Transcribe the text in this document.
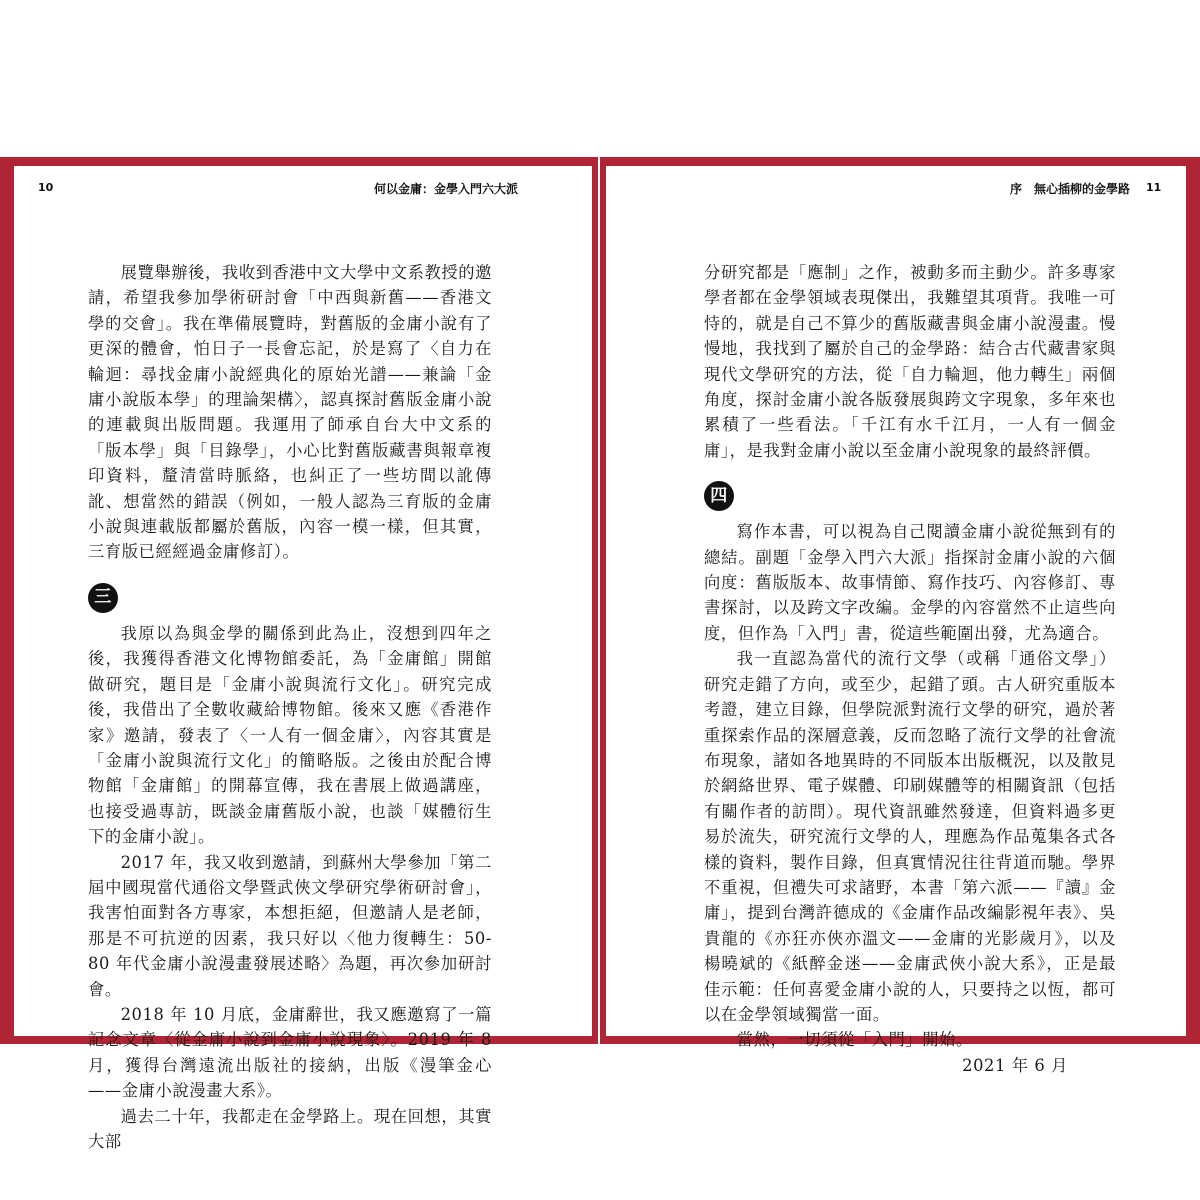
10	何以金庸：金學入門六大派

展覽舉辦後，我收到香港中文大學中文系教授的邀請，希望我參加學術研討會「中西與新舊——香港文學的交會」。我在準備展覽時，對舊版的金庸小說有了更深的體會，怕日子一長會忘記，於是寫了〈自力在輪迴：尋找金庸小說經典化的原始光譜——兼論「金庸小說版本學」的理論架構〉，認真探討舊版金庸小說的連載與出版問題。我運用了師承自台大中文系的「版本學」與「目錄學」，小心比對舊版藏書與報章複印資料，釐清當時脈絡，也糾正了一些坊間以訛傳訛、想當然的錯誤（例如，一般人認為三育版的金庸小說與連載版都屬於舊版，內容一模一樣，但其實，三育版已經經過金庸修訂）。

三

我原以為與金學的關係到此為止，沒想到四年之後，我獲得香港文化博物館委託，為「金庸館」開館做研究，題目是「金庸小說與流行文化」。研究完成後，我借出了全數收藏給博物館。後來又應《香港作家》邀請，發表了〈一人有一個金庸〉，內容其實是「金庸小說與流行文化」的簡略版。之後由於配合博物館「金庸館」的開幕宣傳，我在書展上做過講座，也接受過專訪，既談金庸舊版小說，也談「媒體衍生下的金庸小說」。

2017 年，我又收到邀請，到蘇州大學參加「第二屆中國現當代通俗文學暨武俠文學研究學術研討會」，我害怕面對各方專家，本想拒絕，但邀請人是老師，那是不可抗逆的因素，我只好以〈他力復轉生：50-80 年代金庸小說漫畫發展述略〉為題，再次參加研討會。

2018 年 10 月底，金庸辭世，我又應邀寫了一篇記念文章〈從金庸小說到金庸小說現象〉。2019 年 8 月，獲得台灣遠流出版社的接納，出版《漫筆金心——金庸小說漫畫大系》。

過去二十年，我都走在金學路上。現在回想，其實大部

序　無心插柳的金學路 11

分研究都是「應制」之作，被動多而主動少。許多專家學者都在金學領域表現傑出，我難望其項背。我唯一可恃的，就是自己不算少的舊版藏書與金庸小說漫畫。慢慢地，我找到了屬於自己的金學路：結合古代藏書家與現代文學研究的方法，從「自力輪迴，他力轉生」兩個角度，探討金庸小說各版發展與跨文字現象，多年來也累積了一些看法。「千江有水千江月，一人有一個金庸」，是我對金庸小說以至金庸小說現象的最終評價。

四

寫作本書，可以視為自己閱讀金庸小說從無到有的總結。副題「金學入門六大派」指探討金庸小說的六個向度：舊版版本、故事情節、寫作技巧、內容修訂、專書探討，以及跨文字改編。金學的內容當然不止這些向度，但作為「入門」書，從這些範圍出發，尤為適合。

我一直認為當代的流行文學（或稱「通俗文學」）研究走錯了方向，或至少，起錯了頭。古人研究重版本考證，建立目錄，但學院派對流行文學的研究，過於著重探索作品的深層意義，反而忽略了流行文學的社會流布現象，諸如各地異時的不同版本出版概況，以及散見於網絡世界、電子媒體、印刷媒體等的相關資訊（包括有關作者的訪問）。現代資訊雖然發達，但資料過多更易於流失，研究流行文學的人，理應為作品蒐集各式各樣的資料，製作目錄，但真實情況往往背道而馳。學界不重視，但禮失可求諸野，本書「第六派——『讀』金庸」，提到台灣許德成的《金庸作品改編影視年表》、吳貴龍的《亦狂亦俠亦溫文——金庸的光影歲月》，以及楊曉斌的《紙醉金迷——金庸武俠小說大系》，正是最佳示範：任何喜愛金庸小說的人，只要持之以恆，都可以在金學領域獨當一面。

當然，一切須從「入門」開始。

2021 年 6 月
